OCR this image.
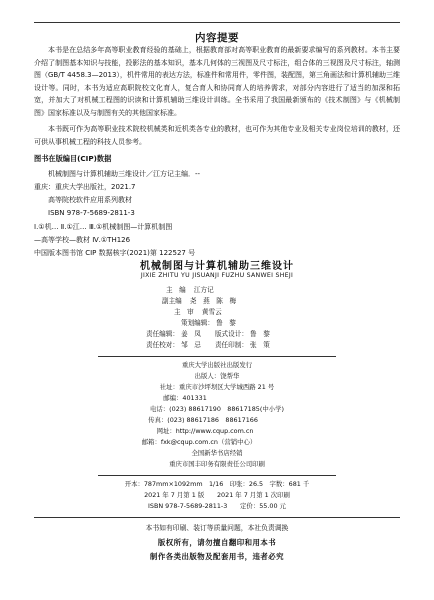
内容提要

本书是在总结多年高等职业教育经验的基础上，根据教育部对高等职业教育的最新要求编写的系列教材。本书主要介绍了制图基本知识与技能，投影法的基本知识，基本几何体的三视图及尺寸标注，组合体的三视图及尺寸标注，轴测图（GB/T 4458.3—2013），机件常用的表达方法，标准件和常用件，零件图，装配图，第三角画法和计算机辅助三维设计等。同时，本书为适应高职院校文化育人，复合育人和协同育人的培养需求，对部分内容进行了适当的加深和拓宽，并加大了对机械工程图的识读和计算机辅助三维设计训练。全书采用了我国最新颁布的《技术制图》与《机械制图》国家标准以及与制图有关的其他国家标准。

本书既可作为高等职业技术院校机械类和近机类各专业的教材，也可作为其他专业及相关专业岗位培训的教材，还可供从事机械工程的科技人员参考。

图书在版编目(CIP)数据
机械制图与计算机辅助三维设计／江方记主编．--
重庆：重庆大学出版社，2021.7
高等院校软件应用系列教材
ISBN 978-7-5689-2811-3
Ⅰ.①机… Ⅱ.①江… Ⅲ.①机械制图—计算机制图
—高等学校—教材 Ⅳ.①TH126
中国版本图书馆 CIP 数据核字(2021)第 122527 号
机械制图与计算机辅助三维设计
JIXIE ZHITU YU JISUANJI FUZHU SANWEI SHEJI
主　编 江方记
副主编 尧　燕　陈　梅
主　审 黄雪云
策划编辑： 鲁　黎
责任编辑： 姜　凤 版式设计： 鲁　黎
责任校对： 邹　忌 责任印制： 张　策
重庆大学出版社出版发行
出版人：饶帮华
社址：重庆市沙坪坝区大学城西路 21 号
邮编：401331
电话：(023) 88617190　88617185(中小学)
传真：(023) 88617186　88617166
网址：http://www.cqup.com.cn
邮箱：fxk@cqup.com.cn（营销中心）
全国新华书店经销
重庆市国丰印务有限责任公司印刷
开本：787mm×1092mm　1/16　印张：26.5　字数：681 千
2021 年 7 月第 1 版　　2021 年 7 月第 1 次印刷
ISBN 978-7-5689-2811-3　　定价：55.00 元
本书如有印刷、装订等质量问题，本社负责调换
版权所有，请勿擅自翻印和用本书
制作各类出版物及配套用书，违者必究
